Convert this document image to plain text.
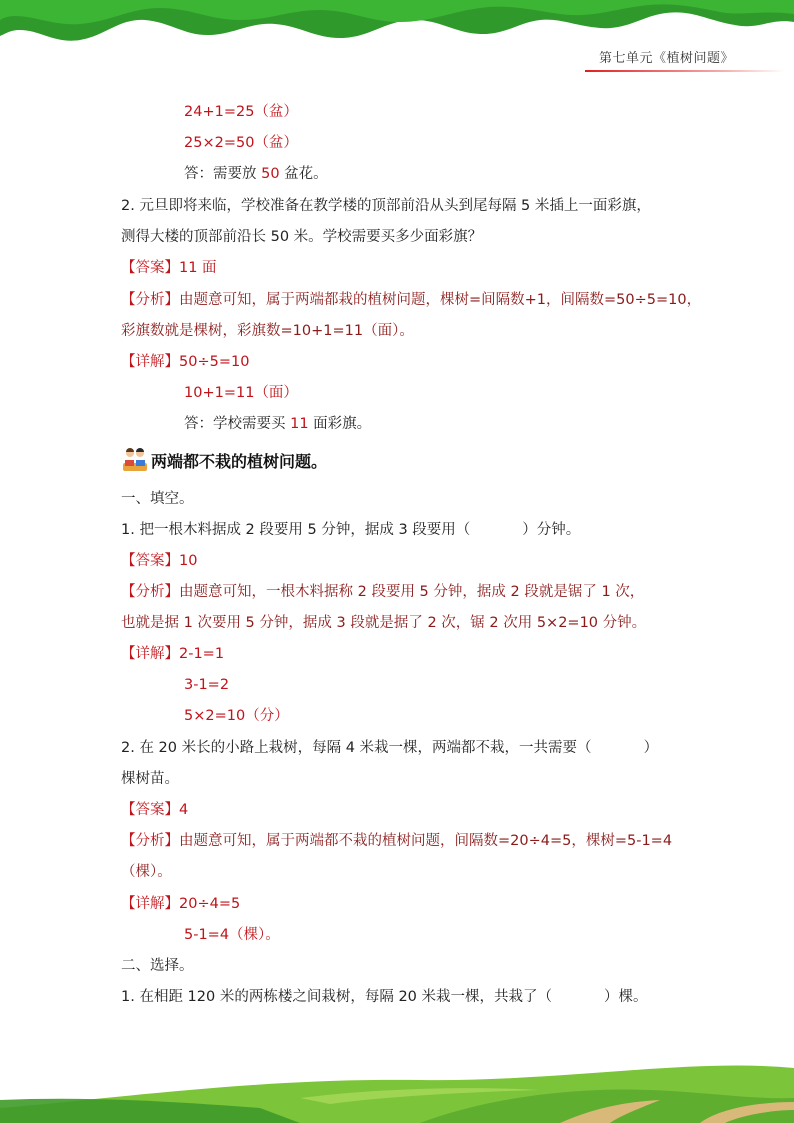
第七单元《植树问题》
24+1=25（盆）
25×2=50（盆）
答：需要放 50 盆花。
2. 元旦即将来临，学校准备在教学楼的顶部前沿从头到尾每隔 5 米插上一面彩旗，
测得大楼的顶部前沿长 50 米。学校需要买多少面彩旗？
【答案】11 面
【分析】由题意可知，属于两端都栽的植树问题，棵树=间隔数+1，间隔数=50÷5=10，
彩旗数就是棵树，彩旗数=10+1=11（面）。
【详解】50÷5=10
10+1=11（面）
答：学校需要买 11 面彩旗。
两端都不栽的植树问题 。
一、填空。
1. 把一根木料据成 2 段要用 5 分钟，据成 3 段要用（	）分钟。
【答案】10
【分析】由题意可知，一根木料据称 2 段要用 5 分钟，据成 2 段就是锯了 1 次，
也就是据 1 次要用 5 分钟，据成 3 段就是据了 2 次，锯 2 次用 5×2=10 分钟。
【详解】2-1=1
3-1=2
5×2=10（分）
2. 在 20 米长的小路上栽树，每隔 4 米栽一棵，两端都不栽，一共需要（	）
棵树苗。
【答案】4
【分析】由题意可知，属于两端都不栽的植树问题，间隔数=20÷4=5，棵树=5-1=4
（棵）。
【详解】20÷4=5
5-1=4（棵）。
二、选择。
1. 在相距 120 米的两栋楼之间栽树，每隔 20 米栽一棵，共栽了（	）棵。
